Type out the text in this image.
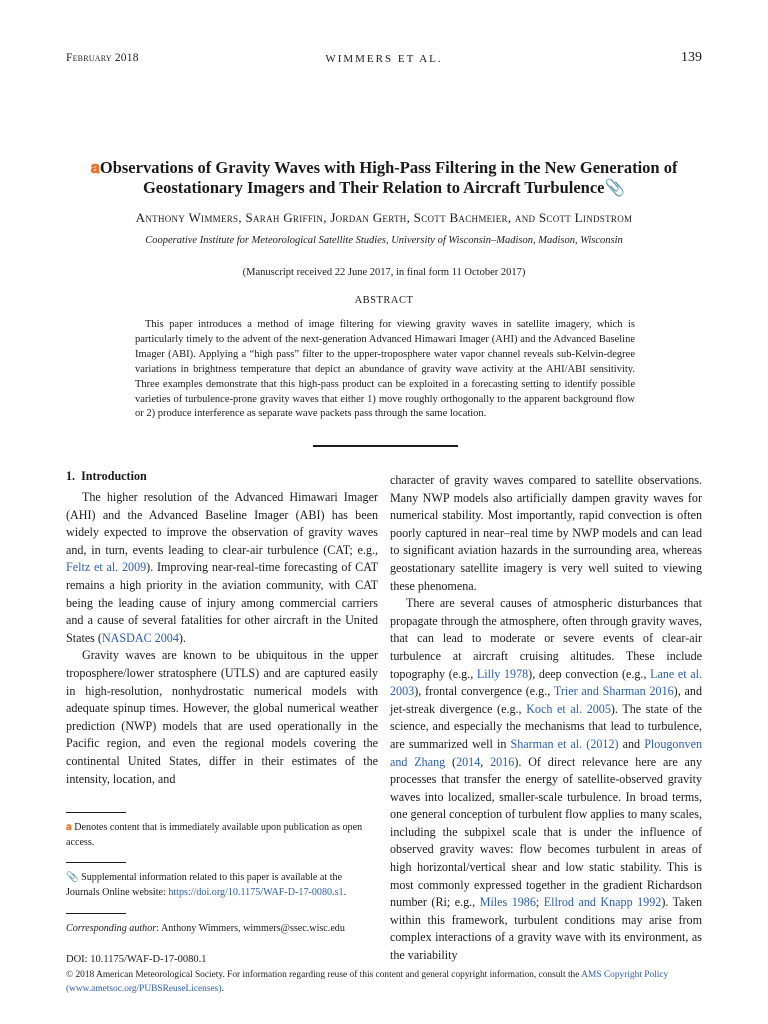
February 2018	WIMMERS ET AL.	139
𝐚Observations of Gravity Waves with High-Pass Filtering in the New Generation of
Geostationary Imagers and Their Relation to Aircraft Turbulence📎
Anthony Wimmers, Sarah Griffin, Jordan Gerth, Scott Bachmeier, and Scott Lindstrom
Cooperative Institute for Meteorological Satellite Studies, University of Wisconsin–Madison, Madison, Wisconsin
(Manuscript received 22 June 2017, in final form 11 October 2017)
ABSTRACT

This paper introduces a method of image filtering for viewing gravity waves in satellite imagery, which is particularly timely to the advent of the next-generation Advanced Himawari Imager (AHI) and the Advanced Baseline Imager (ABI). Applying a “high pass” filter to the upper-troposphere water vapor channel reveals sub-Kelvin-degree variations in brightness temperature that depict an abundance of gravity wave activity at the AHI/ABI sensitivity. Three examples demonstrate that this high-pass product can be exploited in a forecasting setting to identify possible varieties of turbulence-prone gravity waves that either 1) move roughly orthogonally to the apparent background flow or 2) produce interference as separate wave packets pass through the same location.

1. Introduction

The higher resolution of the Advanced Himawari Imager (AHI) and the Advanced Baseline Imager (ABI) has been widely expected to improve the observation of gravity waves and, in turn, events leading to clear-air turbulence (CAT; e.g., Feltz et al. 2009). Improving near-real-time forecasting of CAT remains a high priority in the aviation community, with CAT being the leading cause of injury among commercial carriers and a cause of several fatalities for other aircraft in the United States (NASDAC 2004).

Gravity waves are known to be ubiquitous in the upper troposphere/lower stratosphere (UTLS) and are captured easily in high-resolution, nonhydrostatic numerical models with adequate spinup times. However, the global numerical weather prediction (NWP) models that are used operationally in the Pacific region, and even the regional models covering the continental United States, differ in their estimates of the intensity, location, and

𝐚 Denotes content that is immediately available upon publication as open access.
📎 Supplemental information related to this paper is available at the Journals Online website: https://doi.org/10.1175/WAF-D-17-0080.s1.
Corresponding author: Anthony Wimmers, wimmers@ssec.wisc.edu

character of gravity waves compared to satellite observations. Many NWP models also artificially dampen gravity waves for numerical stability. Most importantly, rapid convection is often poorly captured in near–real time by NWP models and can lead to significant aviation hazards in the surrounding area, whereas geostationary satellite imagery is very well suited to viewing these phenomena.

There are several causes of atmospheric disturbances that propagate through the atmosphere, often through gravity waves, that can lead to moderate or severe events of clear-air turbulence at aircraft cruising altitudes. These include topography (e.g., Lilly 1978), deep convection (e.g., Lane et al. 2003), frontal convergence (e.g., Trier and Sharman 2016), and jet-streak divergence (e.g., Koch et al. 2005). The state of the science, and especially the mechanisms that lead to turbulence, are summarized well in Sharman et al. (2012) and Plougonven and Zhang (2014, 2016). Of direct relevance here are any processes that transfer the energy of satellite-observed gravity waves into localized, smaller-scale turbulence. In broad terms, one general conception of turbulent flow applies to many scales, including the subpixel scale that is under the influence of observed gravity waves: flow becomes turbulent in areas of high horizontal/vertical shear and low static stability. This is most commonly expressed together in the gradient Richardson number (Ri; e.g., Miles 1986; Ellrod and Knapp 1992). Taken within this framework, turbulent conditions may arise from complex interactions of a gravity wave with its environment, as the variability

DOI: 10.1175/WAF-D-17-0080.1
© 2018 American Meteorological Society. For information regarding reuse of this content and general copyright information, consult the AMS Copyright Policy (www.ametsoc.org/PUBSReuseLicenses).
